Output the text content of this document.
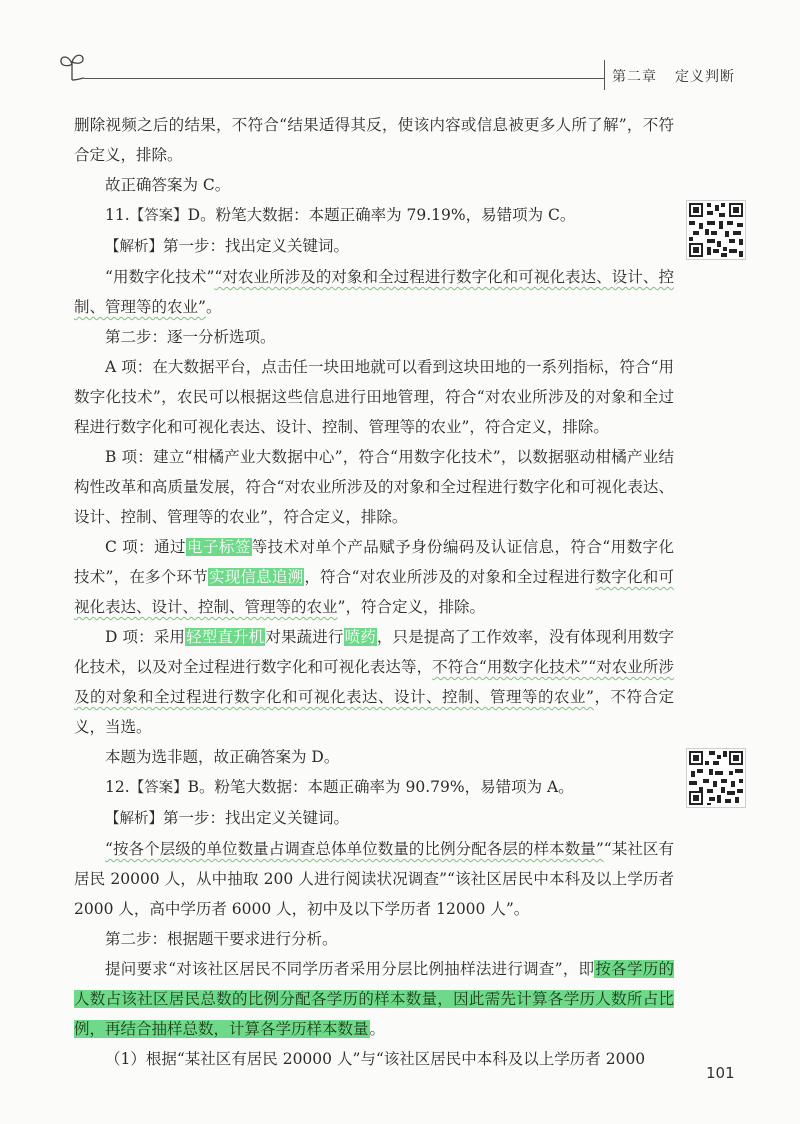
第二章 定义判断

删除视频之后的结果，不符合“结果适得其反，使该内容或信息被更多人所了解”，不符合定义，排除。

故正确答案为 C。

11.【答案】D。粉笔大数据：本题正确率为 79.19%，易错项为 C。

【解析】第一步：找出定义关键词。

“用数字化技术”“对农业所涉及的对象和全过程进行数字化和可视化表达、设计、控制、管理等的农业”。

第二步：逐一分析选项。

A 项：在大数据平台，点击任一块田地就可以看到这块田地的一系列指标，符合“用数字化技术”，农民可以根据这些信息进行田地管理，符合“对农业所涉及的对象和全过程进行数字化和可视化表达、设计、控制、管理等的农业”，符合定义，排除。

B 项：建立“柑橘产业大数据中心”，符合“用数字化技术”，以数据驱动柑橘产业结构性改革和高质量发展，符合“对农业所涉及的对象和全过程进行数字化和可视化表达、设计、控制、管理等的农业”，符合定义，排除。

C 项：通过电子标签等技术对单个产品赋予身份编码及认证信息，符合“用数字化技术”，在多个环节实现信息追溯，符合“对农业所涉及的对象和全过程进行数字化和可视化表达、设计、控制、管理等的农业”，符合定义，排除。

D 项：采用轻型直升机对果蔬进行喷药，只是提高了工作效率，没有体现利用数字化技术，以及对全过程进行数字化和可视化表达等，不符合“用数字化技术”“对农业所涉及的对象和全过程进行数字化和可视化表达、设计、控制、管理等的农业”，不符合定义，当选。

本题为选非题，故正确答案为 D。

12.【答案】B。粉笔大数据：本题正确率为 90.79%，易错项为 A。

【解析】第一步：找出定义关键词。

“按各个层级的单位数量占调查总体单位数量的比例分配各层的样本数量”“某社区有居民 20000 人，从中抽取 200 人进行阅读状况调查”“该社区居民中本科及以上学历者 2000 人，高中学历者 6000 人，初中及以下学历者 12000 人”。

第二步：根据题干要求进行分析。

提问要求“对该社区居民不同学历者采用分层比例抽样法进行调查”，即按各学历的人数占该社区居民总数的比例分配各学历的样本数量，因此需先计算各学历人数所占比例，再结合抽样总数，计算各学历样本数量。

（1）根据“某社区有居民 20000 人”与“该社区居民中本科及以上学历者 2000

101
